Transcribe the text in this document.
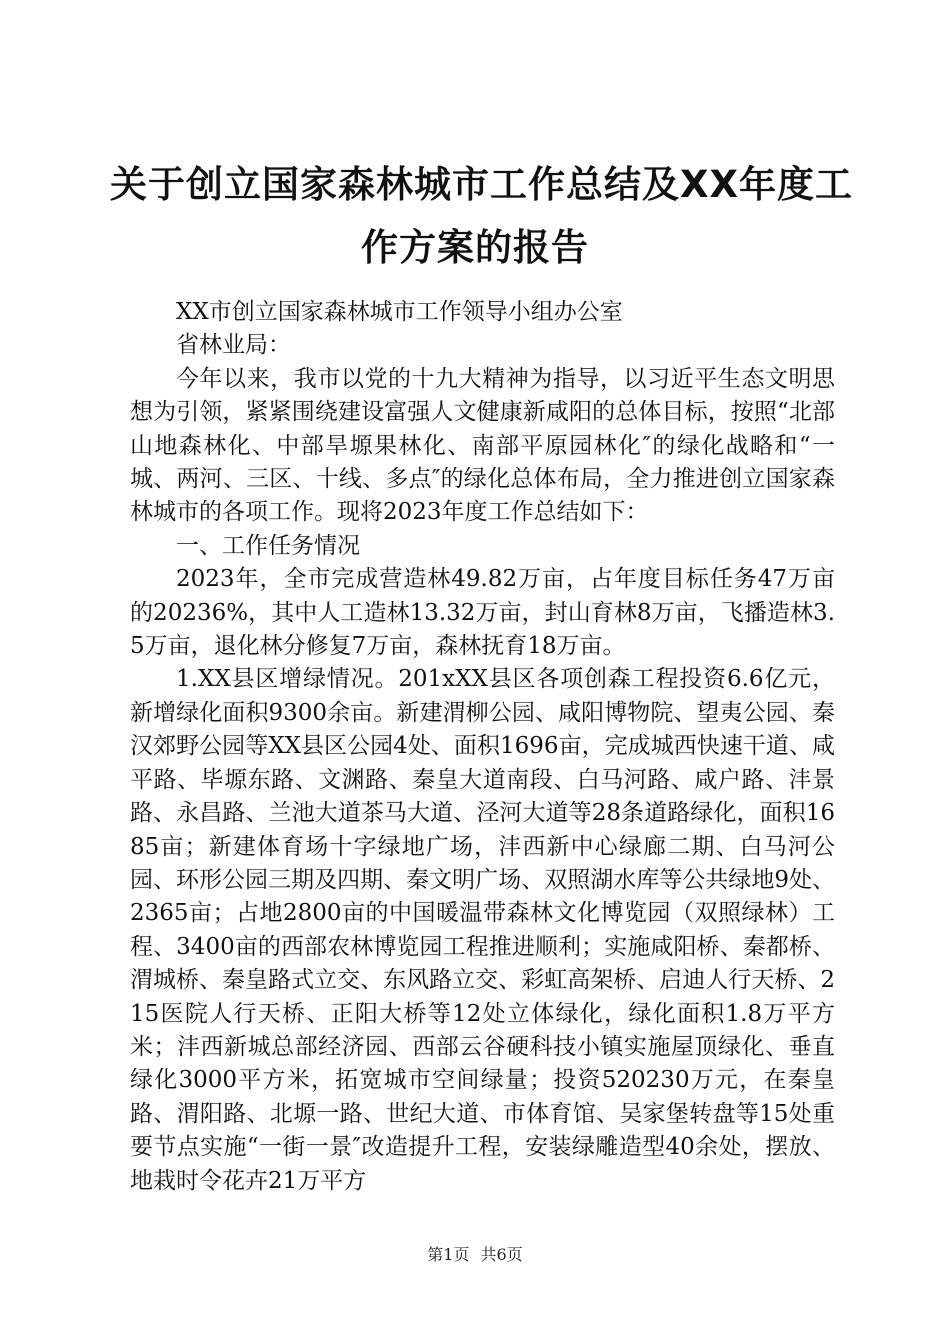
关于创立国家森林城市工作总结及XX年度工
作方案的报告

XX市创立国家森林城市工作领导小组办公室

省林业局：

今年以来，我市以党的十九大精神为指导，以习近平生态文明思想为引领，紧紧围绕建设富强人文健康新咸阳的总体目标，按照“北部山地森林化、中部旱塬果林化、南部平原园林化″的绿化战略和“一城、两河、三区、十线、多点″的绿化总体布局，全力推进创立国家森林城市的各项工作。现将2023年度工作总结如下：

一、工作任务情况

2023年，全市完成营造林49.82万亩，占年度目标任务47万亩的20236%，其中人工造林13.32万亩，封山育林8万亩，飞播造林3.5万亩，退化林分修复7万亩，森林抚育18万亩。

1.XX县区增绿情况。201xXX县区各项创森工程投资6.6亿元，新增绿化面积9300余亩。新建渭柳公园、咸阳博物院、望夷公园、秦汉郊野公园等XX县区公园4处、面积1696亩，完成城西快速干道、咸平路、毕塬东路、文渊路、秦皇大道南段、白马河路、咸户路、沣景路、永昌路、兰池大道茶马大道、泾河大道等28条道路绿化，面积1685亩；新建体育场十字绿地广场，沣西新中心绿廊二期、白马河公园、环形公园三期及四期、秦文明广场、双照湖水库等公共绿地9处、2365亩；占地2800亩的中国暖温带森林文化博览园（双照绿林）工程、3400亩的西部农林博览园工程推进顺利；实施咸阳桥、秦都桥、渭城桥、秦皇路式立交、东风路立交、彩虹高架桥、启迪人行天桥、215医院人行天桥、正阳大桥等12处立体绿化，绿化面积1.8万平方米；沣西新城总部经济园、西部云谷硬科技小镇实施屋顶绿化、垂直绿化3000平方米，拓宽城市空间绿量；投资520230万元，在秦皇路、渭阳路、北塬一路、世纪大道、市体育馆、吴家堡转盘等15处重要节点实施“一街一景″改造提升工程，安装绿雕造型40余处，摆放、地栽时令花卉21万平方

第1页 共6页
